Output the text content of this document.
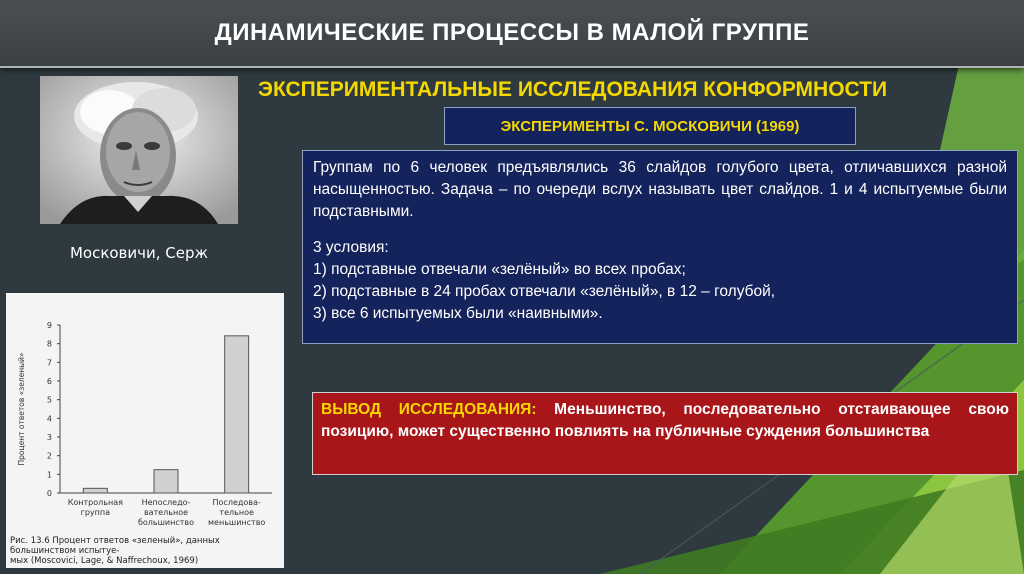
ДИНАМИЧЕСКИЕ ПРОЦЕССЫ В МАЛОЙ ГРУППЕ
Московичи, Серж
ЭКСПЕРИМЕНТАЛЬНЫЕ ИССЛЕДОВАНИЯ КОНФОРМНОСТИ
ЭКСПЕРИМЕНТЫ С. МОСКОВИЧИ (1969)
Группам по 6 человек предъявлялись 36 слайдов голубого цвета, отличавшихся разной насыщенностью. Задача – по очереди вслух называть цвет слайдов. 1 и 4 испытуемые были подставными.
3 условия:
1) подставные отвечали «зелёный» во всех пробах;
2) подставные в 24 пробах отвечали «зелёный», в 12 – голубой,
3) все 6 испытуемых были «наивными».
ВЫВОД ИССЛЕДОВАНИЯ: Меньшинство, последовательно отстаивающее свою позицию, может существенно повлиять на публичные суждения большинства
0
1
2
3
4
5
6
7
8
9
Процент ответов «зеленый»
Контрольная
группа
Непоследо-
вательное
большинство
Последова-
тельное
меньшинство
Рис. 13.6 Процент ответов «зеленый», данных большинством испытуе-
мых (Moscovici, Lage, & Naffrechoux, 1969)
